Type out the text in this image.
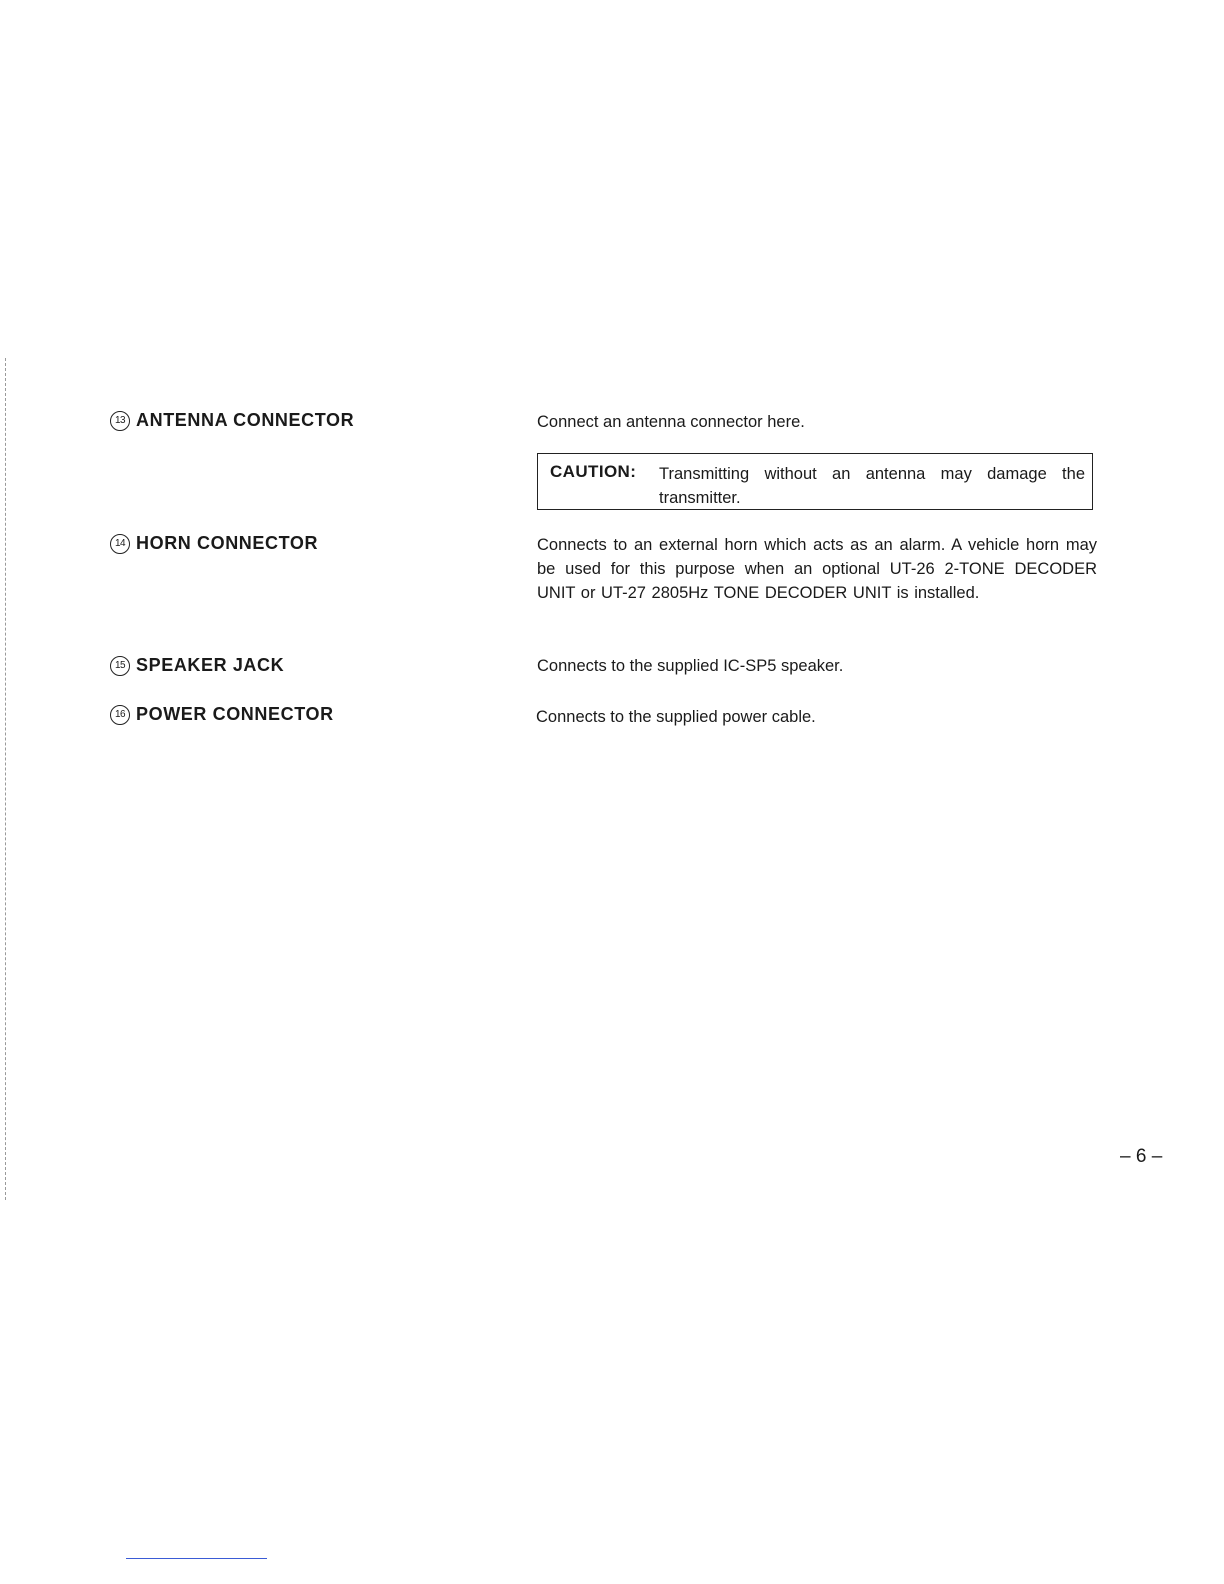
13 ANTENNA CONNECTOR	Connect an antenna connector here.
CAUTION: Transmitting without an antenna may damage the transmitter.
14 HORN CONNECTOR	Connects to an external horn which acts as an alarm. A vehicle horn may be used for this purpose when an optional UT-26 2-TONE DECODER UNIT or UT-27 2805Hz TONE DECODER UNIT is installed.
15 SPEAKER JACK	Connects to the supplied IC-SP5 speaker.
16 POWER CONNECTOR	Connects to the supplied power cable.
– 6 –
